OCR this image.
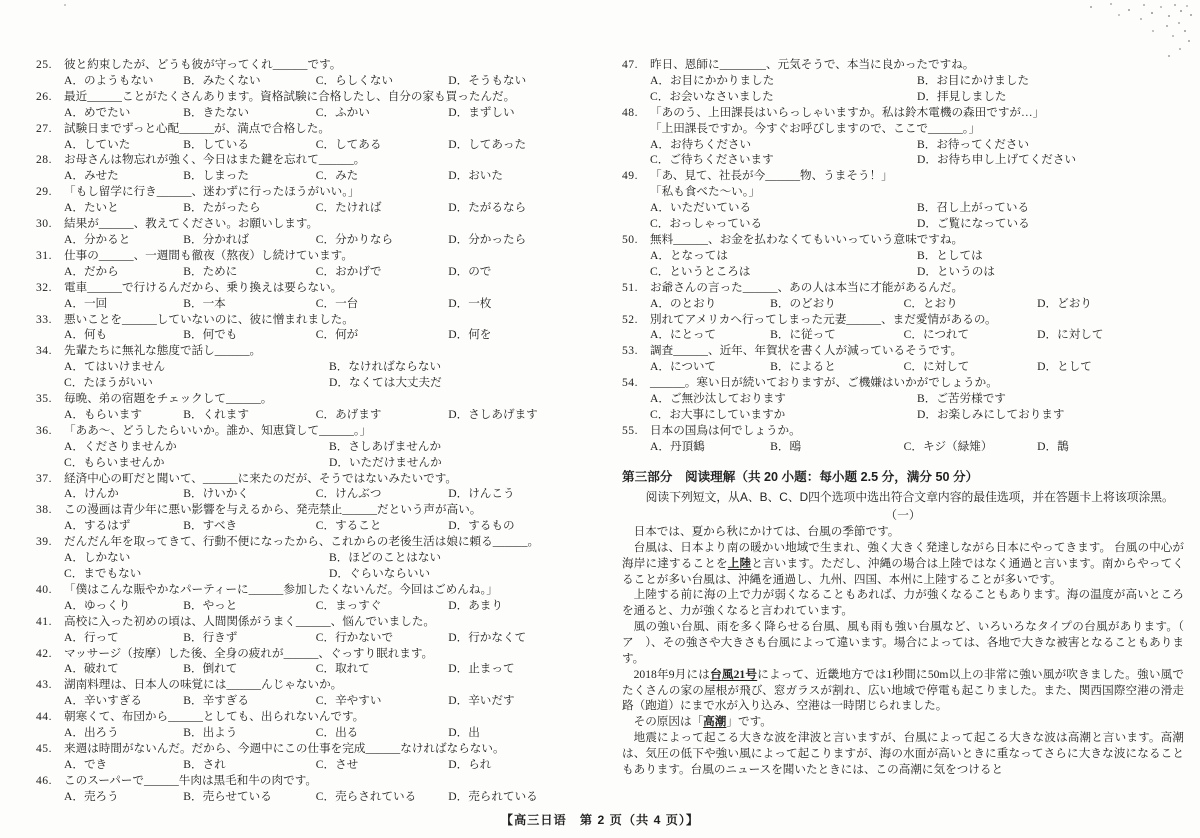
25. 彼と約束したが、どうも彼が守ってくれ______です。
A．のようもない	B．みたくない	C．らしくない	D．そうもない
26. 最近______ことがたくさんあります。資格試験に合格したし、自分の家も買ったんだ。
A．めでたい	B．きたない	C．ふかい	D．まずしい
27. 試験日までずっと心配______が、満点で合格した。
A．していた	B．している	C．してある	D．してあった
28. お母さんは物忘れが強く、今日はまた鍵を忘れて______。
A．みせた	B．しまった	C．みた	D．おいた
29. 「もし留学に行き______、迷わずに行ったほうがいい。」
A．たいと	B．たがったら	C．たければ	D．たがるなら
30. 結果が______、教えてください。お願いします。
A．分かると	B．分かれば	C．分かりなら	D．分かったら
31. 仕事の______、一週間も徹夜（熬夜）し続けています。
A．だから	B．ために	C．おかげで	D．ので
32. 電車______で行けるんだから、乗り換えは要らない。
A．一回	B．一本	C．一台	D．一枚
33. 悪いことを______していないのに、彼に憎まれました。
A．何も	B．何でも	C．何が	D．何を
34. 先輩たちに無礼な態度で話し______。
A．てはいけません	B．なければならない
C．たほうがいい	D．なくては大丈夫だ
35. 毎晩、弟の宿題をチェックして______。
A．もらいます	B．くれます	C．あげます	D．さしあげます
36. 「ああ～、どうしたらいいか。誰か、知恵貸して______。」
A．くださりませんか	B．さしあげませんか
C．もらいませんか	D．いただけませんか
37. 経済中心の町だと聞いて、______に来たのだが、そうではないみたいです。
A．けんか	B．けいかく	C．けんぶつ	D．けんこう
38. この漫画は青少年に悪い影響を与えるから、発売禁止______だという声が高い。
A．するはず	B．すべき	C．すること	D．するもの
39. だんだん年を取ってきて、行動不便になったから、これからの老後生活は娘に頼る______。
A．しかない	B．ほどのことはない
C．までもない	D．ぐらいならいい
40. 「僕はこんな賑やかなパーティーに______参加したくないんだ。今回はごめんね。」
A．ゆっくり	B．やっと	C．まっすぐ	D．あまり
41. 高校に入った初めの頃は、人間関係がうまく______、悩んでいました。
A．行って	B．行きず	C．行かないで	D．行かなくて
42. マッサージ（按摩）した後、全身の疲れが______、ぐっすり眠れます。
A．破れて	B．倒れて	C．取れて	D．止まって
43. 湖南料理は、日本人の味覚には______んじゃないか。
A．辛いすぎる	B．辛すぎる	C．辛やすい	D．辛いだす
44. 朝寒くて、布団から______としても、出られないんです。
A．出ろう	B．出よう	C．出る	D．出
45. 来週は時間がないんだ。だから、今週中にこの仕事を完成______なければならない。
A．でき	B．され	C．させ	D．られ
46. このスーパーで______牛肉は黒毛和牛の肉です。
A．売ろう	B．売らせている	C．売らされている	D．売られている
47. 昨日、恩師に________、元気そうで、本当に良かったですね。
A．お目にかかりました	B．お目にかけました
C．お会いなさいました	D．拝見しました
48. 「あのう、上田課長はいらっしゃいますか。私は鈴木電機の森田ですが…」
「上田課長ですか。今すぐお呼びしますので、ここで______。」
A．お待ちください	B．お待ってください
C．ご待ちくださいます	D．お待ち申し上げてください
49. 「あ、見て、社長が今______物、うまそう！」
「私も食べた～い。」
A．いただいている	B．召し上がっている
C．おっしゃっている	D．ご覧になっている
50. 無料______、お金を払わなくてもいいっていう意味ですね。
A．となっては	B．としては
C．というところは	D．というのは
51. お爺さんの言った______、あの人は本当に才能があるんだ。
A．のとおり	B．のどおり	C．とおり	D．どおり
52. 別れてアメリカへ行ってしまった元妻______、まだ愛情があるの。
A．にとって	B．に従って	C．につれて	D．に対して
53. 調査______、近年、年賀状を書く人が減っているそうです。
A．について	B．によると	C．に対して	D．として
54. ______。寒い日が続いておりますが、ご機嫌はいかがでしょうか。
A．ご無沙汰しております	B．ご苦労様です
C．お大事にしていますか	D．お楽しみにしております
55. 日本の国鳥は何でしょうか。
A．丹頂鶴	B．鴎	C．キジ（緑雉）	D．鵲
第三部分　阅读理解（共 20 小题：每小题 2.5 分，满分 50 分）
阅读下列短文，从A、B、C、D四个选项中选出符合文章内容的最佳选项，并在答题卡上将该项涂黑。
（一）

日本では、夏から秋にかけては、台風の季節です。

台風は、日本より南の暖かい地域で生まれ、強く大きく発達しながら日本にやってきます。 台風の中心が海岸に達することを上陸と言います。ただし、沖縄の場合は上陸ではなく通過と言います。南からやってくることが多い台風は、沖縄を通過し、九州、四国、本州に上陸することが多いです。

上陸する前に海の上で力が弱くなることもあれば、力が強くなることもあります。海の温度が高いところを通ると、力が強くなると言われています。

風の強い台風、雨を多く降らせる台風、風も雨も強い台風など、いろいろなタイプの台風があります。（　ア　）、その強さや大きさも台風によって違います。場合によっては、各地で大きな被害となることもあります。

2018年9月には台風21号によって、近畿地方では1秒間に50m以上の非常に強い風が吹きました。強い風でたくさんの家の屋根が飛び、窓ガラスが割れ、広い地域で停電も起こりました。また、関西国際空港の滑走路（跑道）にまで水が入り込み、空港は一時閉じられました。

その原因は「高潮」です。

地震によって起こる大きな波を津波と言いますが、台風によって起こる大きな波は高潮と言います。高潮は、気圧の低下や強い風によって起こりますが、海の水面が高いときに重なってさらに大きな波になることもあります。台風のニュースを聞いたときには、この高潮に気をつけると

【高三日语　第 2 页（共 4 页）】
